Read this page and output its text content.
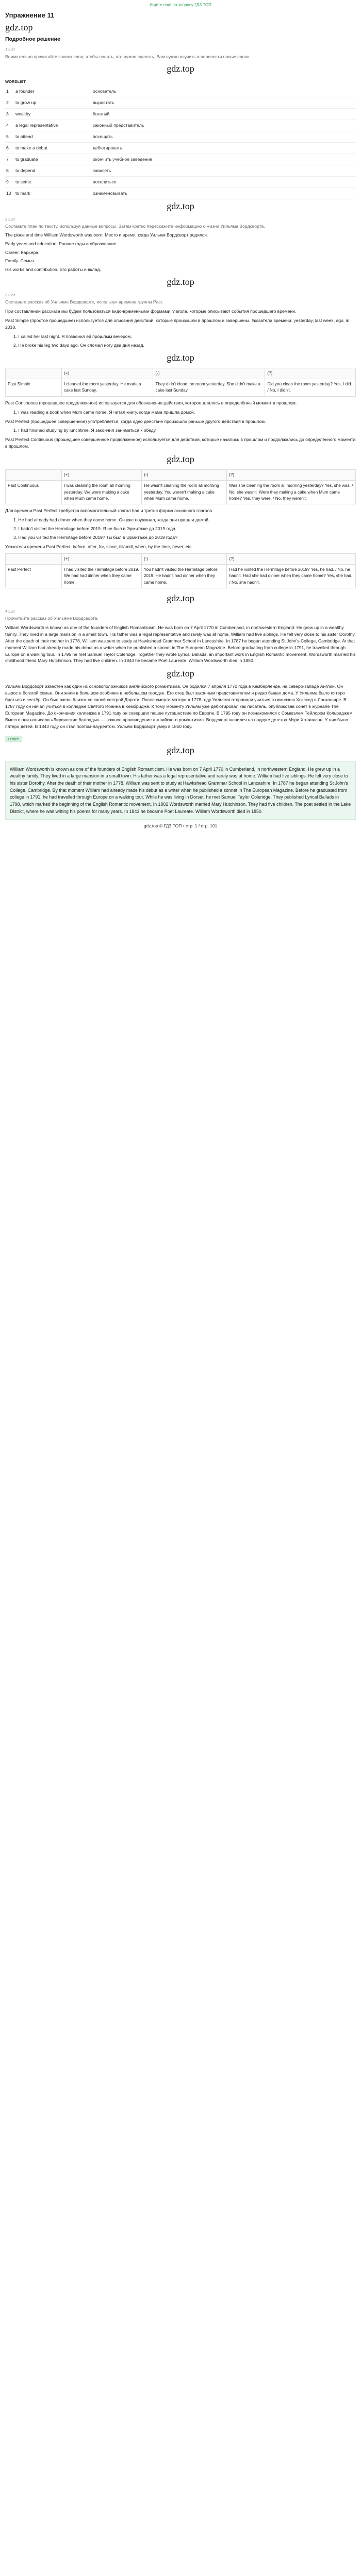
Ищете ещё по запросу ГДЗ ТОП
Упражнение 11
gdz.top
Подробное решение
1 шаг
Внимательно прочитайте список слов, чтобы понять, что нужно сделать. Вам нужно изучить и перевести новые слова.
gdz.top
WORDLIST
1	a founder	основатель
2	to grow up	вырастать
3	wealthy	богатый
4	a legal representative	законный представитель
5	to attend	посещать
6	to make a debut	дебютировать
7	to graduate	окончить учебное заведение
8	to depend	зависеть
9	to settle	поселиться
10 to mark	ознаменовывать
gdz.top
2 шаг
Составьте план по тексту, используя данные вопросы. Затем кратко перескажите информацию о жизни Уильяма Вордсворта.
The place and time William Wordsworth was born. Место и время, когда Уильям Вордсворт родился.
Early years and education. Ранние годы и образование.
Career. Карьера.
Family. Семья.
His works and contribution. Его работы и вклад.
gdz.top
3 шаг
Составьте рассказ об Уильяме Вордсворте, используя времена группы Past.
При составлении рассказа мы будем пользоваться видо-временными формами глагола, которые описывают события прошедшего времени.
Past Simple (простое прошедшее) используется для описания действий, которые произошли в прошлом и завершены. Указатели времени: yesterday, last week, ago, in 2010.
1. I called her last night. Я позвонил ей прошлым вечером.
2. He broke his leg two days ago. Он сломал ногу два дня назад.
gdz.top
	(+)	(-)	(?)
Past Simple	I cleaned the room yesterday. He made a cake last Sunday.	They didn't clean the room yesterday. She didn't make a cake last Sunday.	Did you clean the room yesterday? Yes, I did. / No, I didn't.
Past Continuous (прошедшее продолженное) используется для обозначения действия, которое длилось в определённый момент в прошлом.
1. I was reading a book when Mum came home. Я читал книгу, когда мама пришла домой.
Past Perfect (прошедшее совершенное) употребляется, когда одно действие произошло раньше другого действия в прошлом.
1. I had finished studying by lunchtime. Я закончил заниматься к обеду.
Past Perfect Continuous (прошедшее совершенное продолженное) используется для действий, которые начались в прошлом и продолжались до определённого момента в прошлом.
gdz.top
	(+)	(-)	(?)
Past Continuous	I was cleaning the room all morning yesterday. We were making a cake when Mum came home.	He wasn't cleaning the room all morning yesterday. You weren't making a cake when Mum came home.	Was she cleaning the room all morning yesterday? Yes, she was. / No, she wasn't. Were they making a cake when Mum came home? Yes, they were. / No, they weren't.
Для времени Past Perfect требуется вспомогательный глагол had и третья форма основного глагола.
1. He had already had dinner when they came home. Он уже поужинал, когда они пришли домой.
2. I hadn't visited the Hermitage before 2019. Я не был в Эрмитаже до 2019 года.
3. Had you visited the Hermitage before 2019? Ты был в Эрмитаже до 2019 года?
Указатели времени Past Perfect: before, after, for, since, till/until, when, by the time, never, etc.
	(+)	(-)	(?)
Past Perfect	I had visited the Hermitage before 2019. We had had dinner when they came home.	You hadn't visited the Hermitage before 2019. He hadn't had dinner when they came home.	Had he visited the Hermitage before 2019? Yes, he had. / No, he hadn't. Had she had dinner when they came home? Yes, she had. / No, she hadn't.
gdz.top
4 шаг
Прочитайте рассказ об Уильяме Вордсворте.
William Wordsworth is known as one of the founders of English Romanticism. He was born on 7 April 1770 in Cumberland, in northwestern England. He grew up in a wealthy family. They lived in a large mansion in a small town. His father was a legal representative and rarely was at home. William had five siblings. He felt very close to his sister Dorothy. After the death of their mother in 1778, William was sent to study at Hawkshead Grammar School in Lancashire. In 1787 he began attending St John's College, Cambridge. At that moment William had already made his debut as a writer when he published a sonnet in The European Magazine. Before graduating from college in 1791, he travelled through Europe on a walking tour. In 1795 he met Samuel Taylor Coleridge. Together they wrote Lyrical Ballads, an important work in English Romantic movement. Wordsworth married his childhood friend Mary Hutchinson. They had five children. In 1843 he became Poet Laureate. William Wordsworth died in 1850.
gdz.top
Уильям Вордсворт известен как один из основоположников английского романтизма. Он родился 7 апреля 1770 года в Камберленде, на северо-западе Англии. Он вырос в богатой семье. Они жили в большом особняке в небольшом городке. Его отец был законным представителем и редко бывал дома. У Уильяма было пятеро братьев и сестёр. Он был очень близок со своей сестрой Дороти. После смерти матери в 1778 году Уильяма отправили учиться в гимназию Хоксхед в Ланкашире. В 1787 году он начал учиться в колледже Святого Иоанна в Кембридже. К тому моменту Уильям уже дебютировал как писатель, опубликовав сонет в журнале The European Magazine. До окончания колледжа в 1791 году он совершил пешее путешествие по Европе. В 1795 году он познакомился с Сэмюэлем Тейлором Кольриджем. Вместе они написали «Лирические баллады» — важное произведение английского романтизма. Вордсворт женился на подруге детства Мэри Хатчинсон. У них было пятеро детей. В 1843 году он стал поэтом-лауреатом. Уильям Вордсворт умер в 1850 году.
Ответ
gdz.top
William Wordsworth is known as one of the founders of English Romanticism. He was born on 7 April 1770 in Cumberland, in northwestern England. He grew up in a wealthy family. They lived in a large mansion in a small town. His father was a legal representative and rarely was at home. William had five siblings. He felt very close to his sister Dorothy. After the death of their mother in 1778, William was sent to study at Hawkshead Grammar School in Lancashire. In 1787 he began attending St John's College, Cambridge. By that moment William had already made his debut as a writer when he published a sonnet in The European Magazine. Before he graduated from college in 1791, he had travelled through Europe on a walking tour. While he was living in Dorset, he met Samuel Taylor Coleridge. They published Lyrical Ballads in 1798, which marked the beginning of the English Romantic movement. In 1802 Wordsworth married Mary Hutchinson. They had five children. The poet settled in the Lake District, where he was writing his poems for many years. In 1843 he became Poet Laureate. William Wordsworth died in 1850.
gdz.top © ГДЗ ТОП • стр. 1 / стр. 101
